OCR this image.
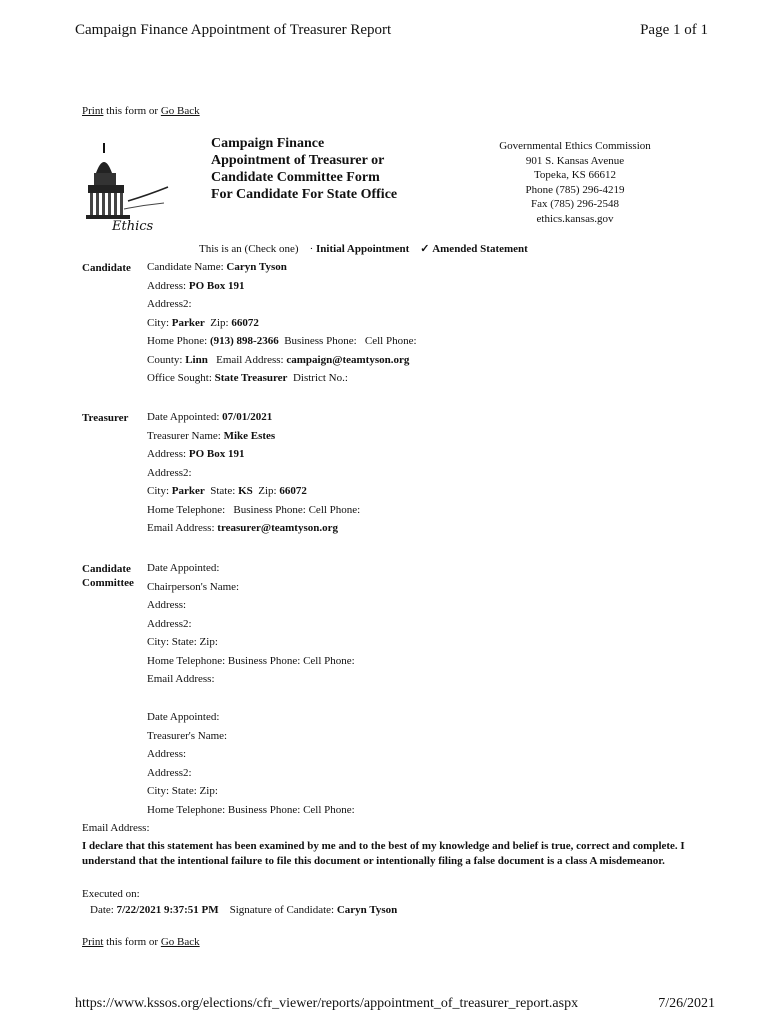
Campaign Finance Appointment of Treasurer Report	Page 1 of 1
Print this form or Go Back
Ethics
Campaign Finance
Appointment of Treasurer or
Candidate Committee Form
For Candidate For State Office
Governmental Ethics Commission
901 S. Kansas Avenue
Topeka, KS 66612
Phone (785) 296-4219
Fax (785) 296-2548
ethics.kansas.gov
This is an (Check one) · Initial Appointment ✓ Amended Statement
Candidate Candidate Name: Caryn Tyson
Address: PO Box 191
Address2:
City: Parker Zip: 66072
Home Phone: (913) 898-2366 Business Phone: Cell Phone:
County: Linn Email Address: campaign@teamtyson.org
Office Sought: State Treasurer District No.:
Treasurer Date Appointed: 07/01/2021
Treasurer Name: Mike Estes
Address: PO Box 191
Address2:
City: Parker State: KS Zip: 66072
Home Telephone: Business Phone: Cell Phone:
Email Address: treasurer@teamtyson.org
Candidate
Committee
Date Appointed:
Chairperson's Name:
Address:
Address2:
City: State: Zip:
Home Telephone: Business Phone: Cell Phone:
Email Address:
Date Appointed:
Treasurer's Name:
Address:
Address2:
City: State: Zip:
Home Telephone: Business Phone: Cell Phone:
Email Address:
I declare that this statement has been examined by me and to the best of my knowledge and belief is true, correct and complete. I understand that the intentional failure to file this document or intentionally filing a false document is a class A misdemeanor.
Executed on:
Date: 7/22/2021 9:37:51 PM Signature of Candidate: Caryn Tyson
Print this form or Go Back
https://www.kssos.org/elections/cfr_viewer/reports/appointment_of_treasurer_report.aspx	7/26/2021
